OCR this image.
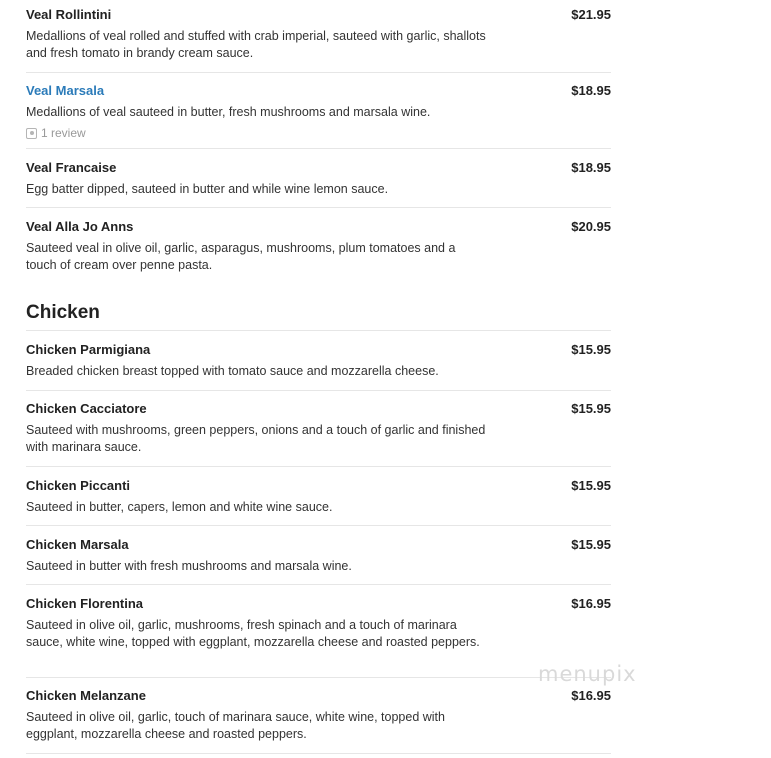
Veal Rollintini	$21.95
Medallions of veal rolled and stuffed with crab imperial, sauteed with garlic, shallots and fresh tomato in brandy cream sauce.
Veal Marsala	$18.95
Medallions of veal sauteed in butter, fresh mushrooms and marsala wine.
1 review
Veal Francaise	$18.95
Egg batter dipped, sauteed in butter and while wine lemon sauce.
Veal Alla Jo Anns	$20.95
Sauteed veal in olive oil, garlic, asparagus, mushrooms, plum tomatoes and a touch of cream over penne pasta.
Chicken
Chicken Parmigiana	$15.95
Breaded chicken breast topped with tomato sauce and mozzarella cheese.
Chicken Cacciatore	$15.95
Sauteed with mushrooms, green peppers, onions and a touch of garlic and finished with marinara sauce.
Chicken Piccanti	$15.95
Sauteed in butter, capers, lemon and white wine sauce.
Chicken Marsala	$15.95
Sauteed in butter with fresh mushrooms and marsala wine.
Chicken Florentina	$16.95
Sauteed in olive oil, garlic, mushrooms, fresh spinach and a touch of marinara sauce, white wine, topped with eggplant, mozzarella cheese and roasted peppers.
Chicken Melanzane	$16.95
Sauteed in olive oil, garlic, touch of marinara sauce, white wine, topped with eggplant, mozzarella cheese and roasted peppers.
menupix
